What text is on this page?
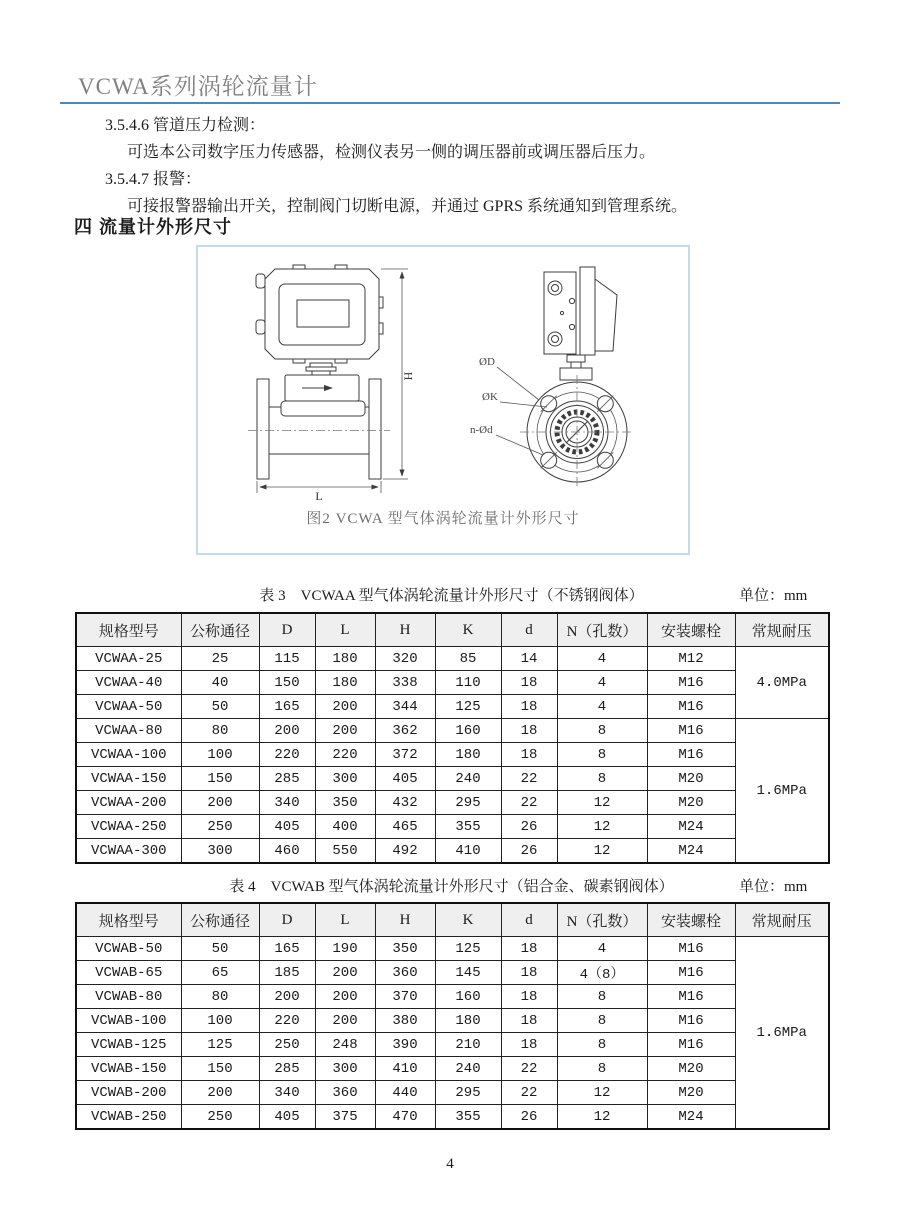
VCWA系列涡轮流量计
3.5.4.6 管道压力检测：
可选本公司数字压力传感器，检测仪表另一侧的调压器前或调压器后压力。
3.5.4.7 报警：
可接报警器输出开关，控制阀门切断电源，并通过 GPRS 系统通知到管理系统。
四 流量计外形尺寸
H
L
ØD
ØK
n-Ød
图2 VCWA 型气体涡轮流量计外形尺寸
表 3　VCWAA 型气体涡轮流量计外形尺寸（不锈钢阀体）	单位：mm
规格型号	公称通径	D	L	H	K	d	N（孔数）	安装螺栓	常规耐压
VCWAA-25	25	115	180	320	85	14	4	M12	4.0MPa
VCWAA-40	40	150	180	338	110	18	4	M16	
VCWAA-50	50	165	200	344	125	18	4	M16	
VCWAA-80	80	200	200	362	160	18	8	M16	1.6MPa
VCWAA-100	100	220	220	372	180	18	8	M16	
VCWAA-150	150	285	300	405	240	22	8	M20	
VCWAA-200	200	340	350	432	295	22	12	M20	
VCWAA-250	250	405	400	465	355	26	12	M24	
VCWAA-300	300	460	550	492	410	26	12	M24	
表 4　VCWAB 型气体涡轮流量计外形尺寸（铝合金、碳素钢阀体）	单位：mm
规格型号	公称通径	D	L	H	K	d	N（孔数）	安装螺栓	常规耐压
VCWAB-50	50	165	190	350	125	18	4	M16	1.6MPa
VCWAB-65	65	185	200	360	145	18	4（8）	M16	
VCWAB-80	80	200	200	370	160	18	8	M16	
VCWAB-100	100	220	200	380	180	18	8	M16	
VCWAB-125	125	250	248	390	210	18	8	M16	
VCWAB-150	150	285	300	410	240	22	8	M20	
VCWAB-200	200	340	360	440	295	22	12	M20	
VCWAB-250	250	405	375	470	355	26	12	M24	
4
